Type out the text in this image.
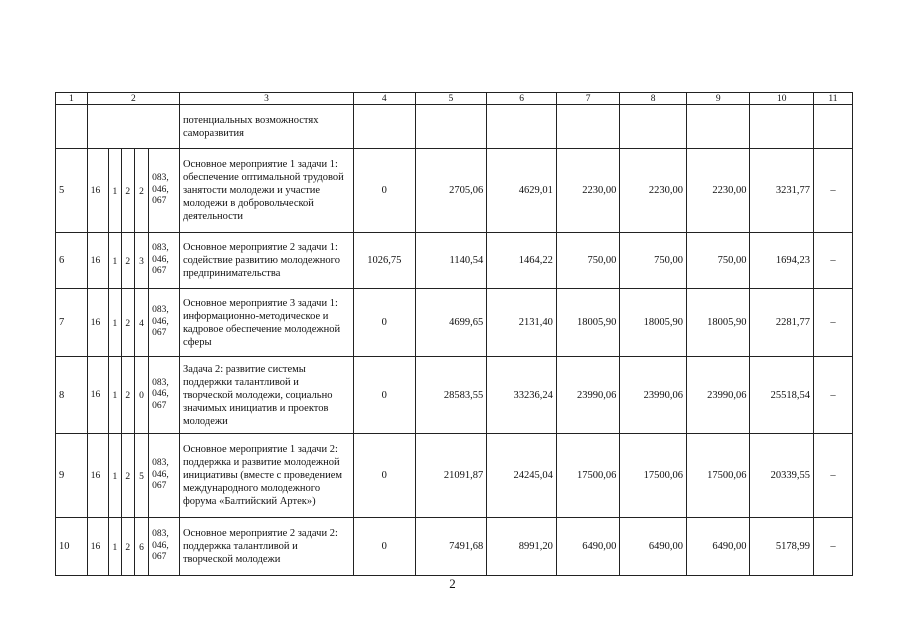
1	2					3	4	5	6	7	8	9	10	11
						потенциальных возможностях саморазвития								
5	16	1	2	2	083, 046, 067	Основное мероприятие 1 задачи 1: обеспечение оптимальной трудовой занятости молодежи и участие молодежи в добровольческой деятельности	0	2705,06	4629,01	2230,00	2230,00	2230,00	3231,77	–
6	16	1	2	3	083, 046, 067	Основное мероприятие 2 задачи 1: содействие развитию молодежного предпринимательства	1026,75	1140,54	1464,22	750,00	750,00	750,00	1694,23	–
7	16	1	2	4	083, 046, 067	Основное мероприятие 3 задачи 1: информационно-методическое и кадровое обеспечение молодежной сферы	0	4699,65	2131,40	18005,90	18005,90	18005,90	2281,77	–
8	16	1	2	0	083, 046, 067	Задача 2: развитие системы поддержки талантливой и творческой молодежи, социально значимых инициатив и проектов молодежи	0	28583,55	33236,24	23990,06	23990,06	23990,06	25518,54	–
9	16	1	2	5	083, 046, 067	Основное мероприятие 1 задачи 2: поддержка и развитие молодежной инициативы (вместе с проведением международного молодежного форума «Балтийский Артек»)	0	21091,87	24245,04	17500,06	17500,06	17500,06	20339,55	–
10	16	1	2	6	083, 046, 067	Основное мероприятие 2 задачи 2: поддержка талантливой и творческой молодежи	0	7491,68	8991,20	6490,00	6490,00	6490,00	5178,99	–
2
